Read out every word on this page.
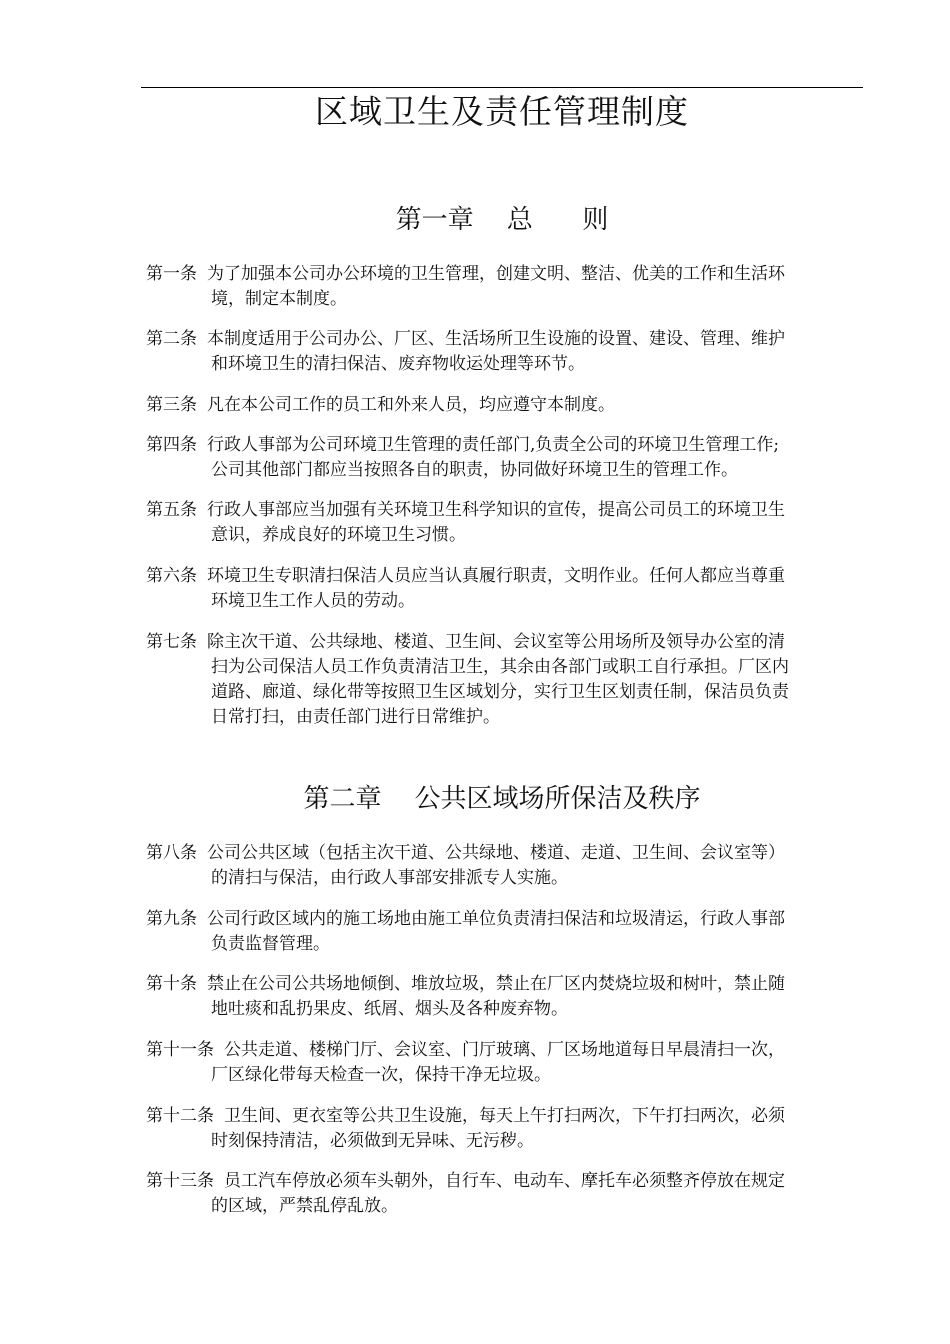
区域卫生及责任管理制度
第一章    总      则
第一条 为了加强本公司办公环境的卫生管理，创建文明、整洁、优美的工作和生活环
境，制定本制度。
第二条 本制度适用于公司办公、厂区、生活场所卫生设施的设置、建设、管理、维护
和环境卫生的清扫保洁、废弃物收运处理等环节。
第三条 凡在本公司工作的员工和外来人员，均应遵守本制度。
第四条 行政人事部为公司环境卫生管理的责任部门,负责全公司的环境卫生管理工作;
公司其他部门都应当按照各自的职责，协同做好环境卫生的管理工作。
第五条 行政人事部应当加强有关环境卫生科学知识的宣传，提高公司员工的环境卫生
意识，养成良好的环境卫生习惯。
第六条 环境卫生专职清扫保洁人员应当认真履行职责，文明作业。任何人都应当尊重
环境卫生工作人员的劳动。
第七条 除主次干道、公共绿地、楼道、卫生间、会议室等公用场所及领导办公室的清
扫为公司保洁人员工作负责清洁卫生，其余由各部门或职工自行承担。厂区内
道路、廊道、绿化带等按照卫生区域划分，实行卫生区划责任制，保洁员负责
日常打扫，由责任部门进行日常维护。
第二章    公共区域场所保洁及秩序
第八条 公司公共区域（包括主次干道、公共绿地、楼道、走道、卫生间、会议室等）
的清扫与保洁，由行政人事部安排派专人实施。
第九条 公司行政区域内的施工场地由施工单位负责清扫保洁和垃圾清运，行政人事部
负责监督管理。
第十条 禁止在公司公共场地倾倒、堆放垃圾，禁止在厂区内焚烧垃圾和树叶，禁止随
地吐痰和乱扔果皮、纸屑、烟头及各种废弃物。
第十一条 公共走道、楼梯门厅、会议室、门厅玻璃、厂区场地道每日早晨清扫一次，
厂区绿化带每天检查一次，保持干净无垃圾。
第十二条 卫生间、更衣室等公共卫生设施，每天上午打扫两次，下午打扫两次，必须
时刻保持清洁，必须做到无异味、无污秽。
第十三条 员工汽车停放必须车头朝外，自行车、电动车、摩托车必须整齐停放在规定
的区域，严禁乱停乱放。
